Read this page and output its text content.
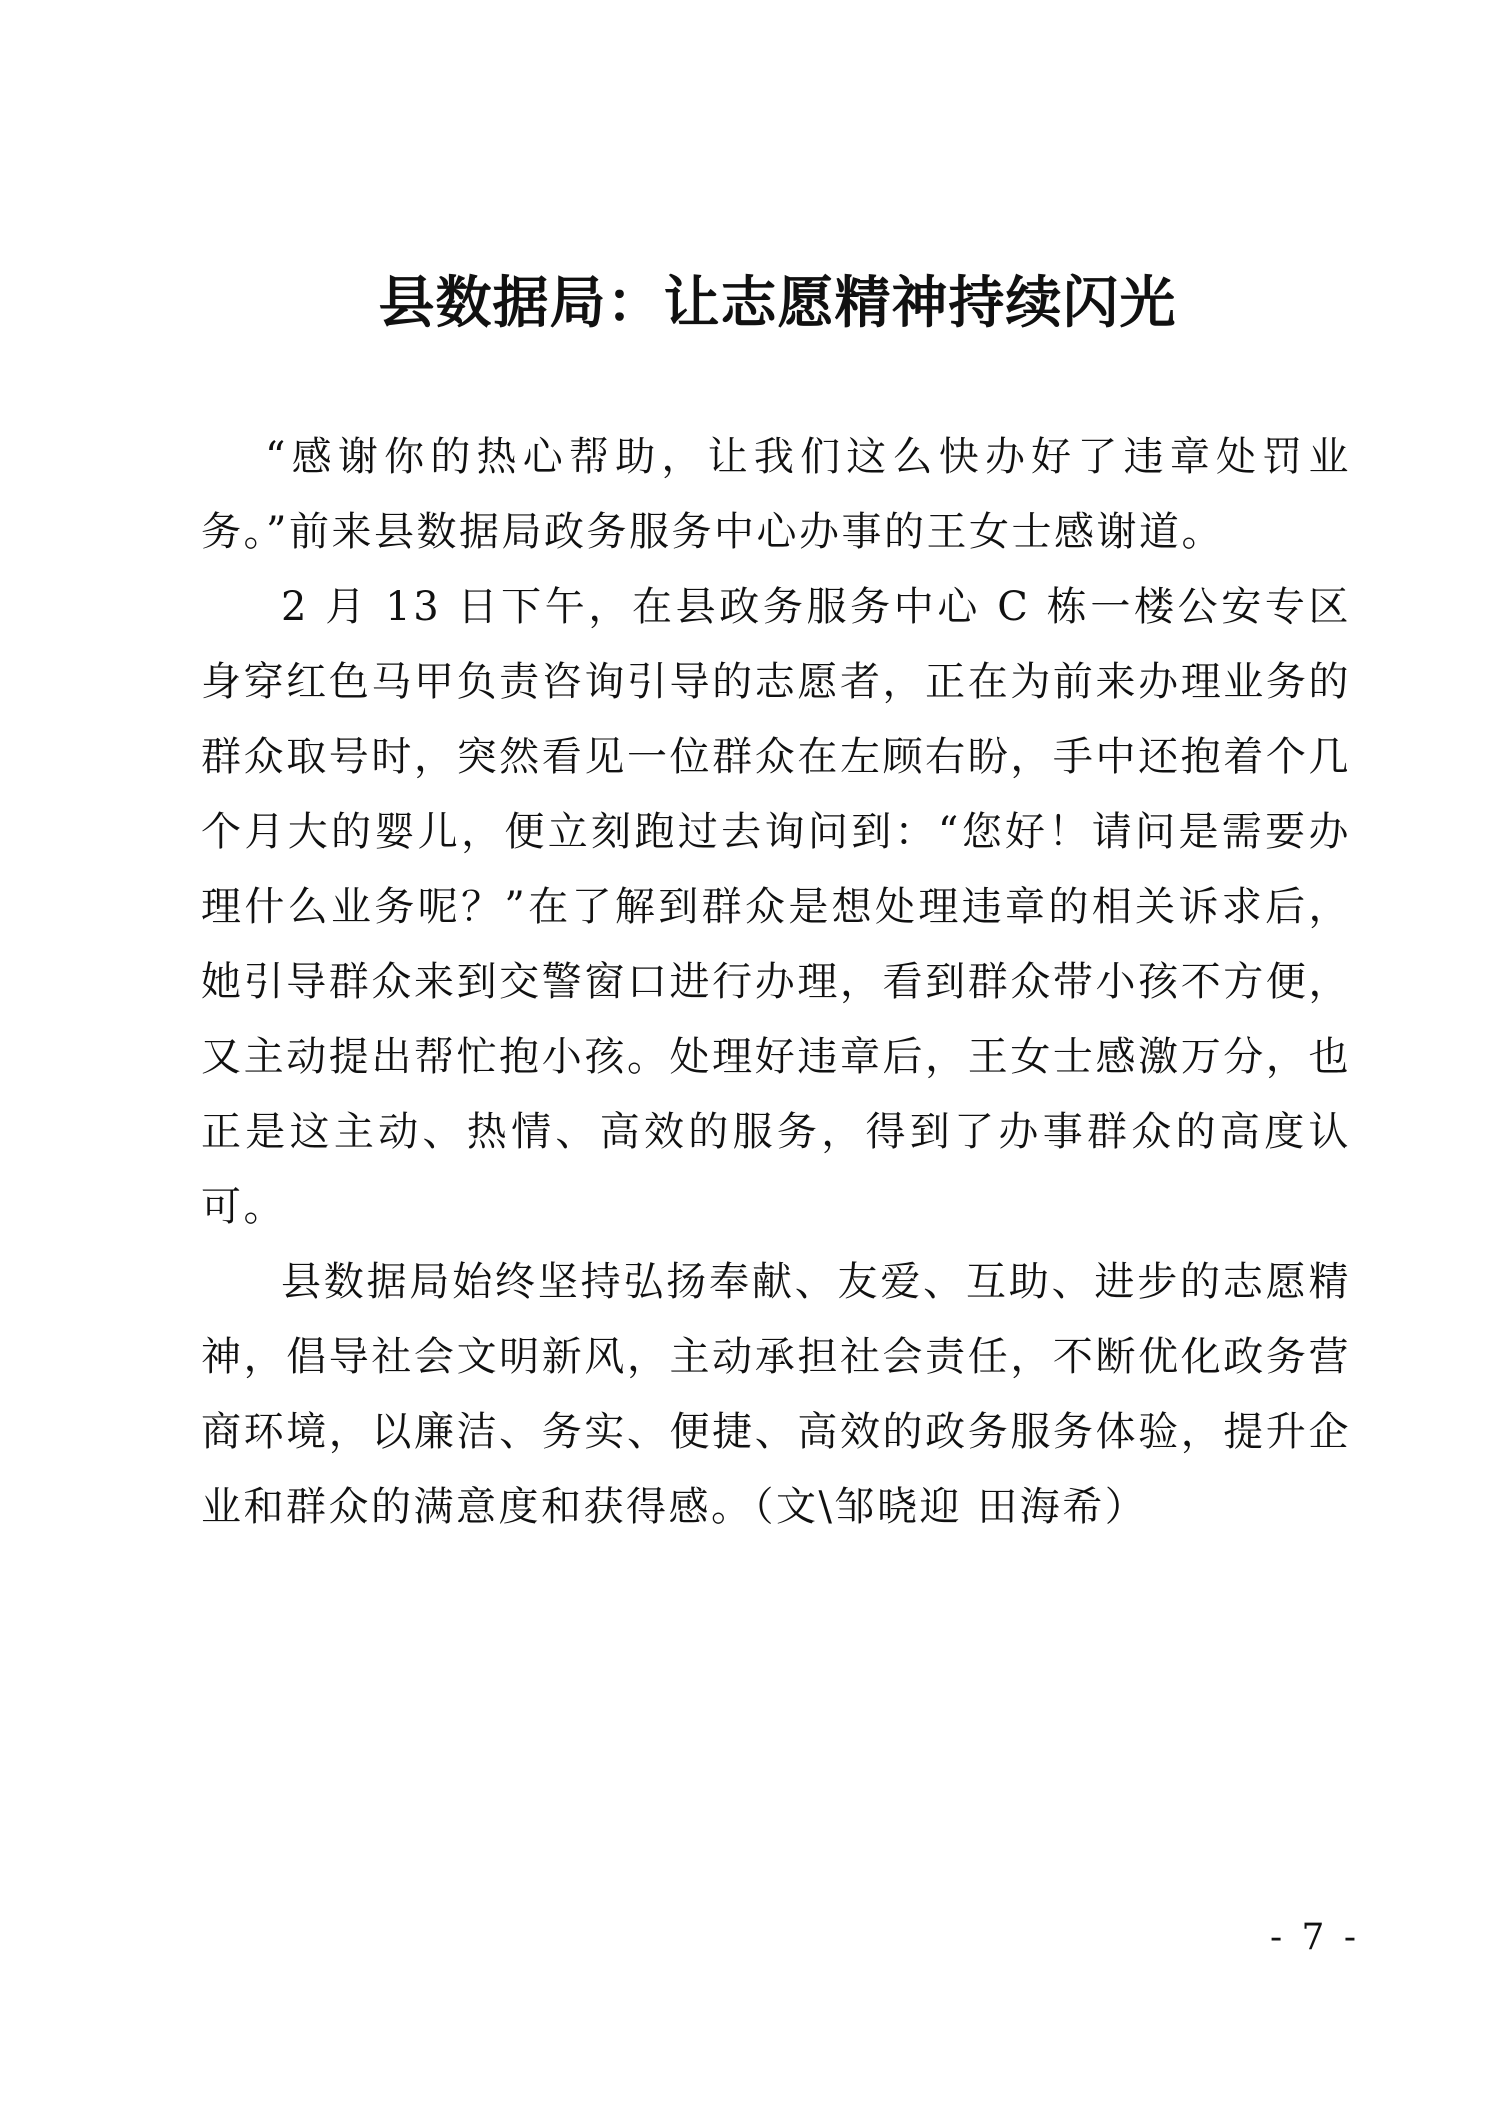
县数据局：让志愿精神持续闪光

“感谢你的热心帮助，让我们这么快办好了违章处罚业务。”前来县数据局政务服务中心办事的王女士感谢道。

2 月 13 日下午，在县政务服务中心 C 栋一楼公安专区身穿红色马甲负责咨询引导的志愿者，正在为前来办理业务的群众取号时，突然看见一位群众在左顾右盼，手中还抱着个几个月大的婴儿，便立刻跑过去询问到：“您好！请问是需要办理什么业务呢？”在了解到群众是想处理违章的相关诉求后，她引导群众来到交警窗口进行办理，看到群众带小孩不方便，又主动提出帮忙抱小孩。处理好违章后，王女士感激万分，也正是这主动、热情、高效的服务，得到了办事群众的高度认可。

县数据局始终坚持弘扬奉献、友爱、互助、进步的志愿精神，倡导社会文明新风，主动承担社会责任，不断优化政务营商环境，以廉洁、务实、便捷、高效的政务服务体验，提升企业和群众的满意度和获得感。（文\邹晓迎 田海希）

- 7 -
